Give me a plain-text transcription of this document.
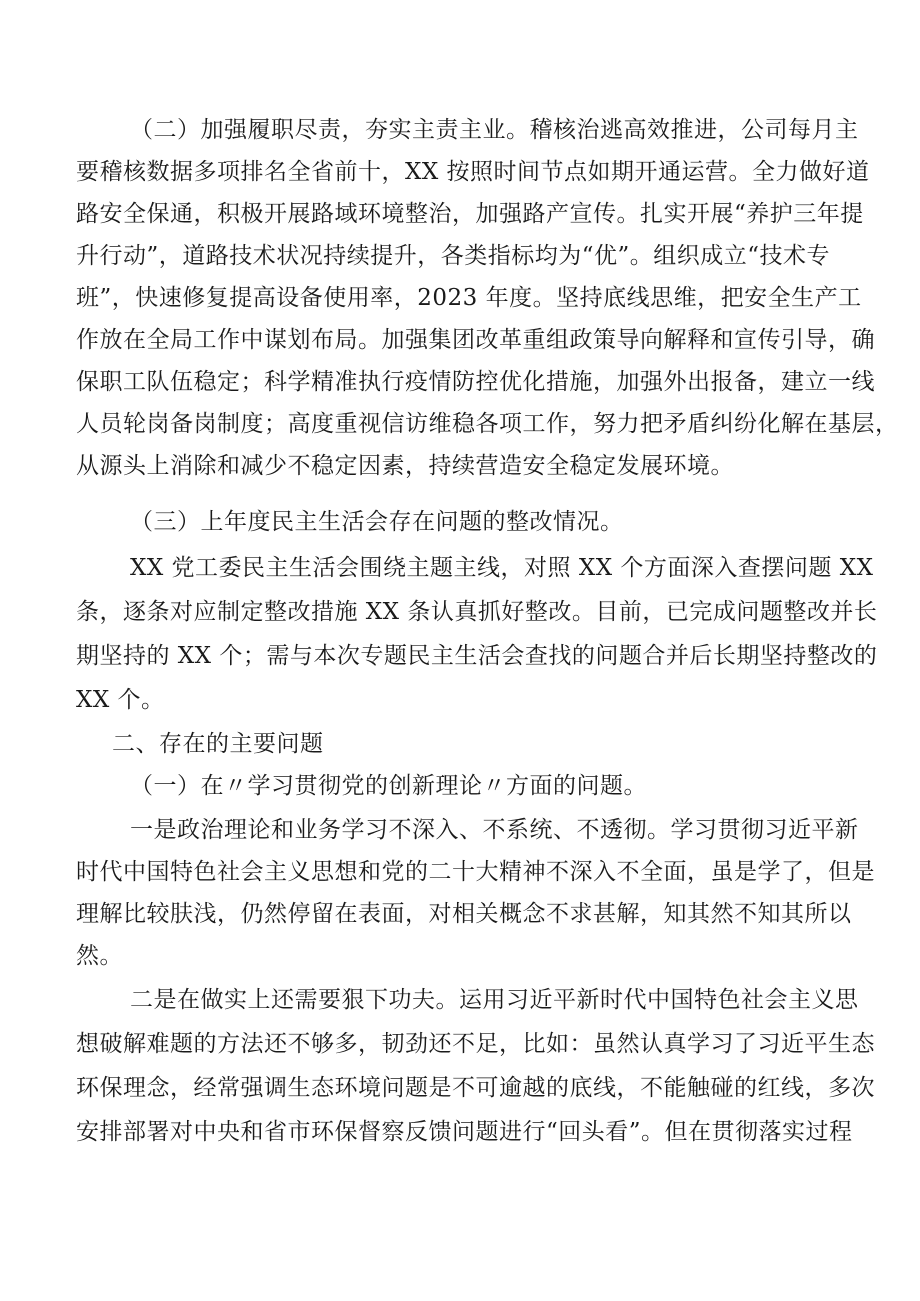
（二）加强履职尽责，夯实主责主业。稽核治逃高效推进，公司每月主
要稽核数据多项排名全省前十，XX 按照时间节点如期开通运营。全力做好道
路安全保通，积极开展路域环境整治，加强路产宣传。扎实开展“养护三年提
升行动”，道路技术状况持续提升，各类指标均为“优”。组织成立“技术专
班”，快速修复提高设备使用率，2023 年度。坚持底线思维，把安全生产工
作放在全局工作中谋划布局。加强集团改革重组政策导向解释和宣传引导，确
保职工队伍稳定；科学精准执行疫情防控优化措施，加强外出报备，建立一线
人员轮岗备岗制度；高度重视信访维稳各项工作，努力把矛盾纠纷化解在基层，
从源头上消除和减少不稳定因素，持续营造安全稳定发展环境。
（三）上年度民主生活会存在问题的整改情况。
XX 党工委民主生活会围绕主题主线，对照 XX 个方面深入查摆问题 XX
条，逐条对应制定整改措施 XX 条认真抓好整改。目前，已完成问题整改并长
期坚持的 XX 个；需与本次专题民主生活会查找的问题合并后长期坚持整改的
XX 个。
二、存在的主要问题
（一）在〃学习贯彻党的创新理论〃方面的问题。
一是政治理论和业务学习不深入、不系统、不透彻。学习贯彻习近平新
时代中国特色社会主义思想和党的二十大精神不深入不全面，虽是学了，但是
理解比较肤浅，仍然停留在表面，对相关概念不求甚解，知其然不知其所以
然。
二是在做实上还需要狠下功夫。运用习近平新时代中国特色社会主义思
想破解难题的方法还不够多，韧劲还不足，比如：虽然认真学习了习近平生态
环保理念，经常强调生态环境问题是不可逾越的底线，不能触碰的红线，多次
安排部署对中央和省市环保督察反馈问题进行“回头看”。但在贯彻落实过程
